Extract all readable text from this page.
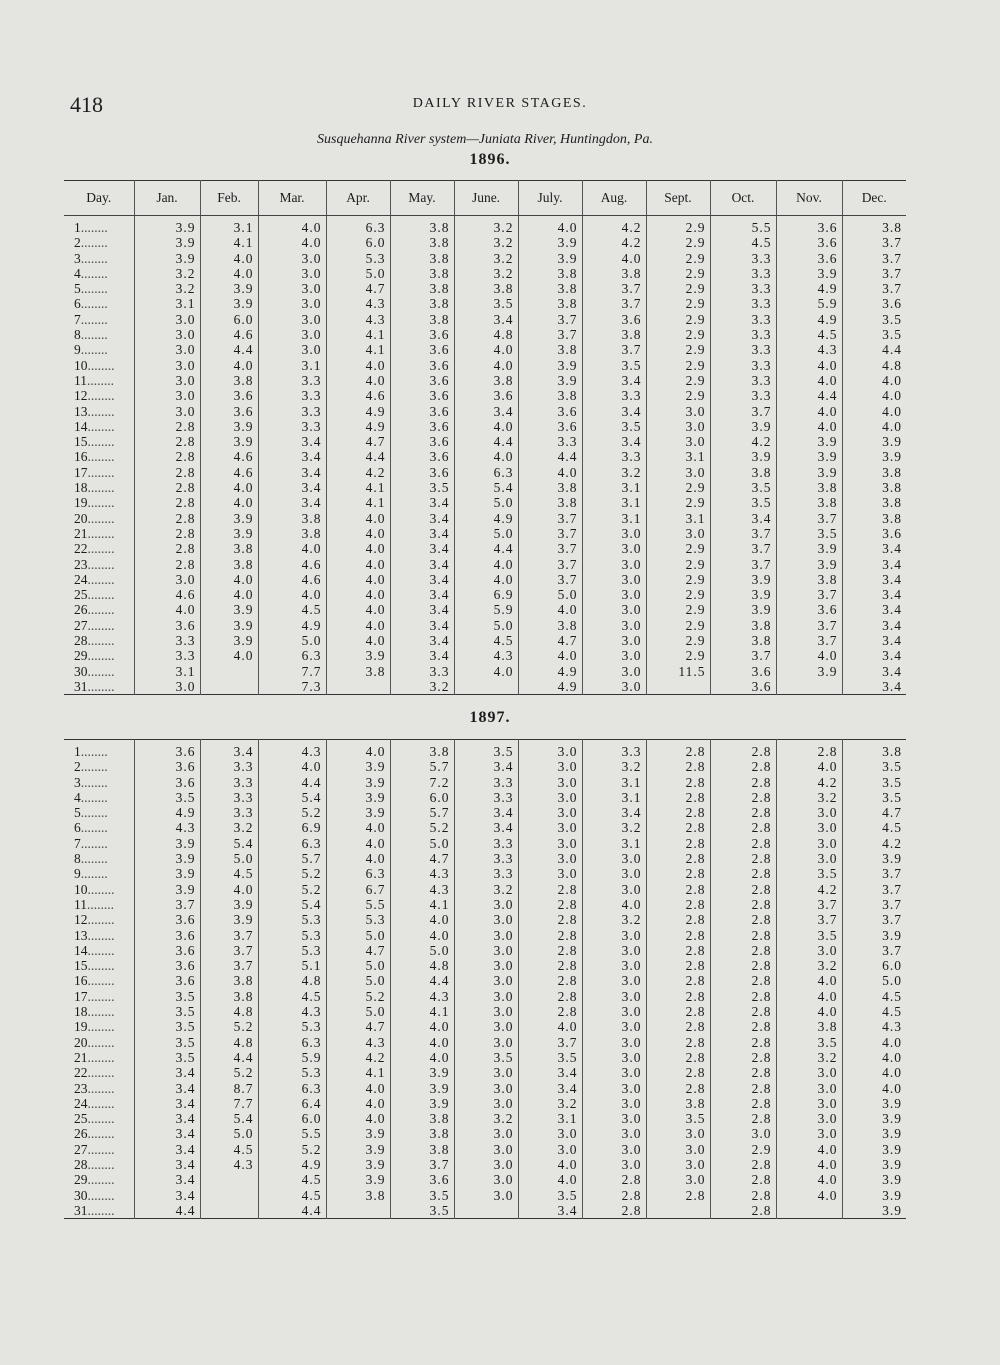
418	DAILY RIVER STAGES.
Susquehanna River system—Juniata River, Huntingdon, Pa.
1896.
Day.	Jan.	Feb.	Mar.	Apr.	May.	June.	July.	Aug.	Sept.	Oct.	Nov.	Dec.
1 ........	3.9	3.1	4.0	6.3	3.8	3.2	4.0	4.2	2.9	5.5	3.6	3.8
2 ........	3.9	4.1	4.0	6.0	3.8	3.2	3.9	4.2	2.9	4.5	3.6	3.7
3 ........	3.9	4.0	3.0	5.3	3.8	3.2	3.9	4.0	2.9	3.3	3.6	3.7
4 ........	3.2	4.0	3.0	5.0	3.8	3.2	3.8	3.8	2.9	3.3	3.9	3.7
5 ........	3.2	3.9	3.0	4.7	3.8	3.8	3.8	3.7	2.9	3.3	4.9	3.7
6 ........	3.1	3.9	3.0	4.3	3.8	3.5	3.8	3.7	2.9	3.3	5.9	3.6
7 ........	3.0	6.0	3.0	4.3	3.8	3.4	3.7	3.6	2.9	3.3	4.9	3.5
8 ........	3.0	4.6	3.0	4.1	3.6	4.8	3.7	3.8	2.9	3.3	4.5	3.5
9 ........	3.0	4.4	3.0	4.1	3.6	4.0	3.8	3.7	2.9	3.3	4.3	4.4
10 ........	3.0	4.0	3.1	4.0	3.6	4.0	3.9	3.5	2.9	3.3	4.0	4.8
11 ........	3.0	3.8	3.3	4.0	3.6	3.8	3.9	3.4	2.9	3.3	4.0	4.0
12 ........	3.0	3.6	3.3	4.6	3.6	3.6	3.8	3.3	2.9	3.3	4.4	4.0
13 ........	3.0	3.6	3.3	4.9	3.6	3.4	3.6	3.4	3.0	3.7	4.0	4.0
14 ........	2.8	3.9	3.3	4.9	3.6	4.0	3.6	3.5	3.0	3.9	4.0	4.0
15 ........	2.8	3.9	3.4	4.7	3.6	4.4	3.3	3.4	3.0	4.2	3.9	3.9
16 ........	2.8	4.6	3.4	4.4	3.6	4.0	4.4	3.3	3.1	3.9	3.9	3.9
17 ........	2.8	4.6	3.4	4.2	3.6	6.3	4.0	3.2	3.0	3.8	3.9	3.8
18 ........	2.8	4.0	3.4	4.1	3.5	5.4	3.8	3.1	2.9	3.5	3.8	3.8
19 ........	2.8	4.0	3.4	4.1	3.4	5.0	3.8	3.1	2.9	3.5	3.8	3.8
20 ........	2.8	3.9	3.8	4.0	3.4	4.9	3.7	3.1	3.1	3.4	3.7	3.8
21 ........	2.8	3.9	3.8	4.0	3.4	5.0	3.7	3.0	3.0	3.7	3.5	3.6
22 ........	2.8	3.8	4.0	4.0	3.4	4.4	3.7	3.0	2.9	3.7	3.9	3.4
23 ........	2.8	3.8	4.6	4.0	3.4	4.0	3.7	3.0	2.9	3.7	3.9	3.4
24 ........	3.0	4.0	4.6	4.0	3.4	4.0	3.7	3.0	2.9	3.9	3.8	3.4
25 ........	4.6	4.0	4.0	4.0	3.4	6.9	5.0	3.0	2.9	3.9	3.7	3.4
26 ........	4.0	3.9	4.5	4.0	3.4	5.9	4.0	3.0	2.9	3.9	3.6	3.4
27 ........	3.6	3.9	4.9	4.0	3.4	5.0	3.8	3.0	2.9	3.8	3.7	3.4
28 ........	3.3	3.9	5.0	4.0	3.4	4.5	4.7	3.0	2.9	3.8	3.7	3.4
29 ........	3.3	4.0	6.3	3.9	3.4	4.3	4.0	3.0	2.9	3.7	4.0	3.4
30 ........	3.1		7.7	3.8	3.3	4.0	4.9	3.0	11.5	3.6	3.9	3.4
31 ........	3.0		7.3		3.2		4.9	3.0		3.6		3.4
1897.
1 ........	3.6	3.4	4.3	4.0	3.8	3.5	3.0	3.3	2.8	2.8	2.8	3.8
2 ........	3.6	3.3	4.0	3.9	5.7	3.4	3.0	3.2	2.8	2.8	4.0	3.5
3 ........	3.6	3.3	4.4	3.9	7.2	3.3	3.0	3.1	2.8	2.8	4.2	3.5
4 ........	3.5	3.3	5.4	3.9	6.0	3.3	3.0	3.1	2.8	2.8	3.2	3.5
5 ........	4.9	3.3	5.2	3.9	5.7	3.4	3.0	3.4	2.8	2.8	3.0	4.7
6 ........	4.3	3.2	6.9	4.0	5.2	3.4	3.0	3.2	2.8	2.8	3.0	4.5
7 ........	3.9	5.4	6.3	4.0	5.0	3.3	3.0	3.1	2.8	2.8	3.0	4.2
8 ........	3.9	5.0	5.7	4.0	4.7	3.3	3.0	3.0	2.8	2.8	3.0	3.9
9 ........	3.9	4.5	5.2	6.3	4.3	3.3	3.0	3.0	2.8	2.8	3.5	3.7
10 ........	3.9	4.0	5.2	6.7	4.3	3.2	2.8	3.0	2.8	2.8	4.2	3.7
11 ........	3.7	3.9	5.4	5.5	4.1	3.0	2.8	4.0	2.8	2.8	3.7	3.7
12 ........	3.6	3.9	5.3	5.3	4.0	3.0	2.8	3.2	2.8	2.8	3.7	3.7
13 ........	3.6	3.7	5.3	5.0	4.0	3.0	2.8	3.0	2.8	2.8	3.5	3.9
14 ........	3.6	3.7	5.3	4.7	5.0	3.0	2.8	3.0	2.8	2.8	3.0	3.7
15 ........	3.6	3.7	5.1	5.0	4.8	3.0	2.8	3.0	2.8	2.8	3.2	6.0
16 ........	3.6	3.8	4.8	5.0	4.4	3.0	2.8	3.0	2.8	2.8	4.0	5.0
17 ........	3.5	3.8	4.5	5.2	4.3	3.0	2.8	3.0	2.8	2.8	4.0	4.5
18 ........	3.5	4.8	4.3	5.0	4.1	3.0	2.8	3.0	2.8	2.8	4.0	4.5
19 ........	3.5	5.2	5.3	4.7	4.0	3.0	4.0	3.0	2.8	2.8	3.8	4.3
20 ........	3.5	4.8	6.3	4.3	4.0	3.0	3.7	3.0	2.8	2.8	3.5	4.0
21 ........	3.5	4.4	5.9	4.2	4.0	3.5	3.5	3.0	2.8	2.8	3.2	4.0
22 ........	3.4	5.2	5.3	4.1	3.9	3.0	3.4	3.0	2.8	2.8	3.0	4.0
23 ........	3.4	8.7	6.3	4.0	3.9	3.0	3.4	3.0	2.8	2.8	3.0	4.0
24 ........	3.4	7.7	6.4	4.0	3.9	3.0	3.2	3.0	3.8	2.8	3.0	3.9
25 ........	3.4	5.4	6.0	4.0	3.8	3.2	3.1	3.0	3.5	2.8	3.0	3.9
26 ........	3.4	5.0	5.5	3.9	3.8	3.0	3.0	3.0	3.0	3.0	3.0	3.9
27 ........	3.4	4.5	5.2	3.9	3.8	3.0	3.0	3.0	3.0	2.9	4.0	3.9
28 ........	3.4	4.3	4.9	3.9	3.7	3.0	4.0	3.0	3.0	2.8	4.0	3.9
29 ........	3.4		4.5	3.9	3.6	3.0	4.0	2.8	3.0	2.8	4.0	3.9
30 ........	3.4		4.5	3.8	3.5	3.0	3.5	2.8	2.8	2.8	4.0	3.9
31 ........	4.4		4.4		3.5		3.4	2.8		2.8		3.9
